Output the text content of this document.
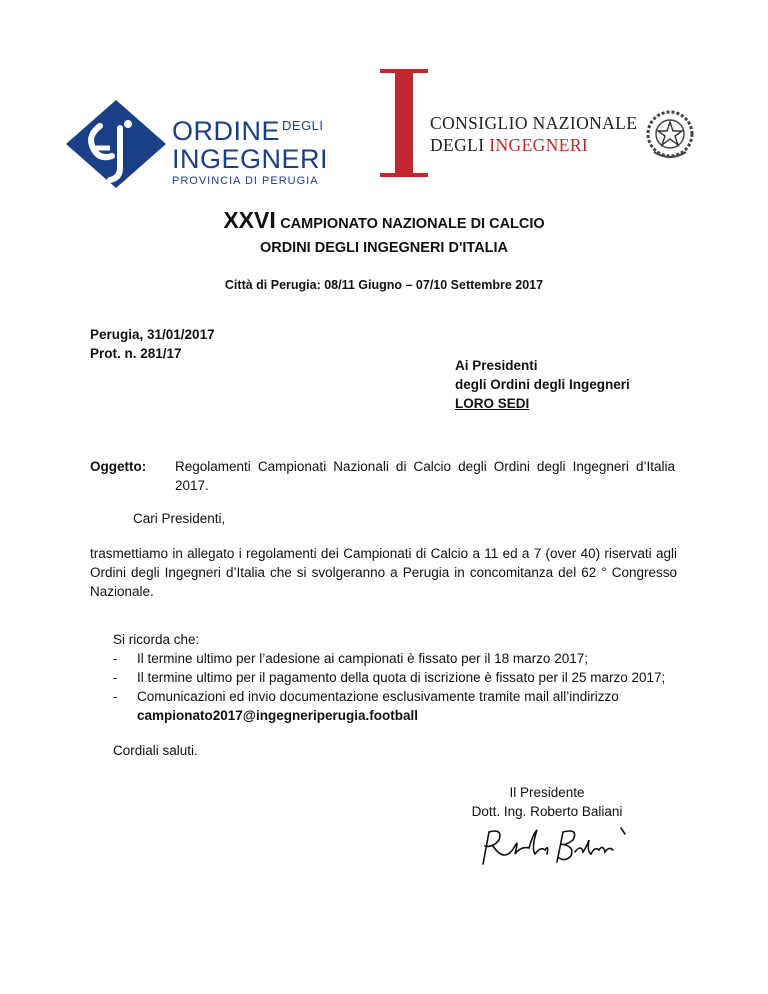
ORDINE $^{DEGLI}$
INGEGNERI
PROVINCIA DI PERUGIA
CONSIGLIO NAZIONALE
DEGLI INGEGNERI
XXVI CAMPIONATO NAZIONALE DI CALCIO
ORDINI DEGLI INGEGNERI D'ITALIA
Città di Perugia: 08/11 Giugno – 07/10 Settembre 2017
Perugia, 31/01/2017
Prot. n. 281/17
Ai Presidenti
degli Ordini degli Ingegneri
LORO SEDI
Oggetto: Regolamenti Campionati Nazionali di Calcio degli Ordini degli Ingegneri d’Italia 2017.
Cari Presidenti,
trasmettiamo in allegato i regolamenti dei Campionati di Calcio a 11 ed a 7 (over 40) riservati agli Ordini degli Ingegneri d’Italia che si svolgeranno a Perugia in concomitanza del 62 ° Congresso Nazionale.
Si ricorda che:
- Il termine ultimo per l’adesione ai campionati è fissato per il 18 marzo 2017;
- Il termine ultimo per il pagamento della quota di iscrizione è fissato per il 25 marzo 2017;
- Comunicazioni ed invio documentazione esclusivamente tramite mail all’indirizzo
campionato2017@ingegneriperugia.football
Cordiali saluti.
Il Presidente
Dott. Ing. Roberto Baliani
